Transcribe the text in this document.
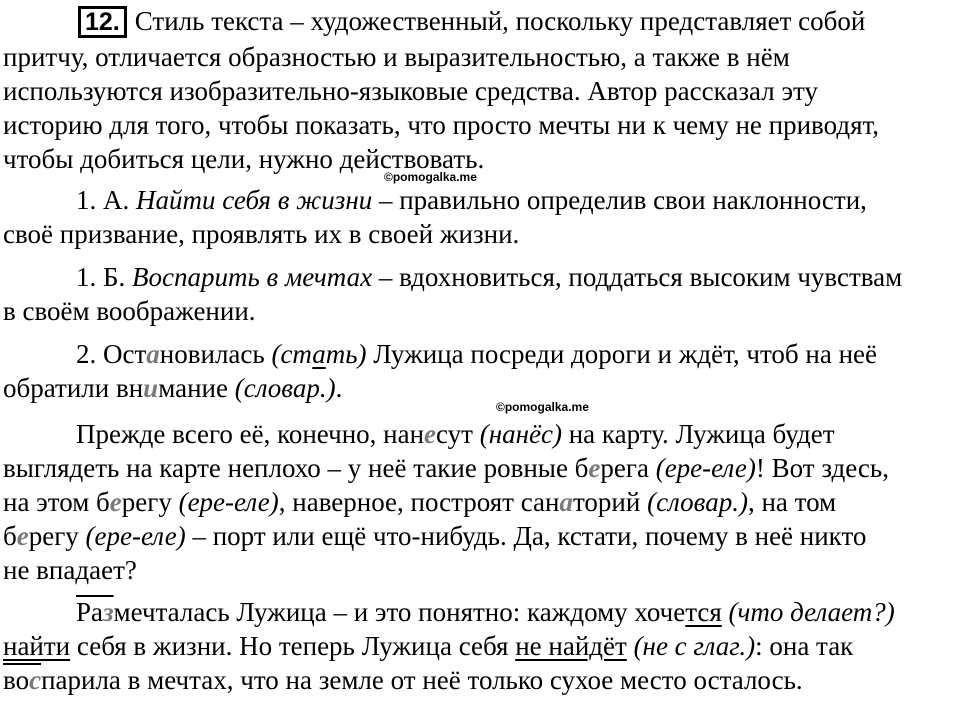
12. Стиль текста – художественный, поскольку представляет собой
притчу, отличается образностью и выразительностью, а также в нём
используются изобразительно-языковые средства. Автор рассказал эту
историю для того, чтобы показать, что просто мечты ни к чему не приводят,
чтобы добиться цели, нужно действовать.
©pomogalka.me
1. А. Найти себя в жизни – правильно определив свои наклонности,
своё призвание, проявлять их в своей жизни.
1. Б. Воспарить в мечтах – вдохновиться, поддаться высоким чувствам
в своём воображении.
2. Остановилась (стать) Лужица посреди дороги и ждёт, чтоб на неё
обратили внимание (словар.).
©pomogalka.me
Прежде всего её, конечно, нанесут (нанёс) на карту. Лужица будет
выглядеть на карте неплохо – у неё такие ровные берега (ере-еле)! Вот здесь,
на этом берегу (ере-еле), наверное, построят санаторий (словар.), на том
берегу (ере-еле) – порт или ещё что-нибудь. Да, кстати, почему в неё никто
не впадает?
Размечталась Лужица – и это понятно: каждому хочется (что делает?)
найти себя в жизни. Но теперь Лужица себя не найдёт (не с глаг.): она так
воспарила в мечтах, что на земле от неё только сухое место осталось.
